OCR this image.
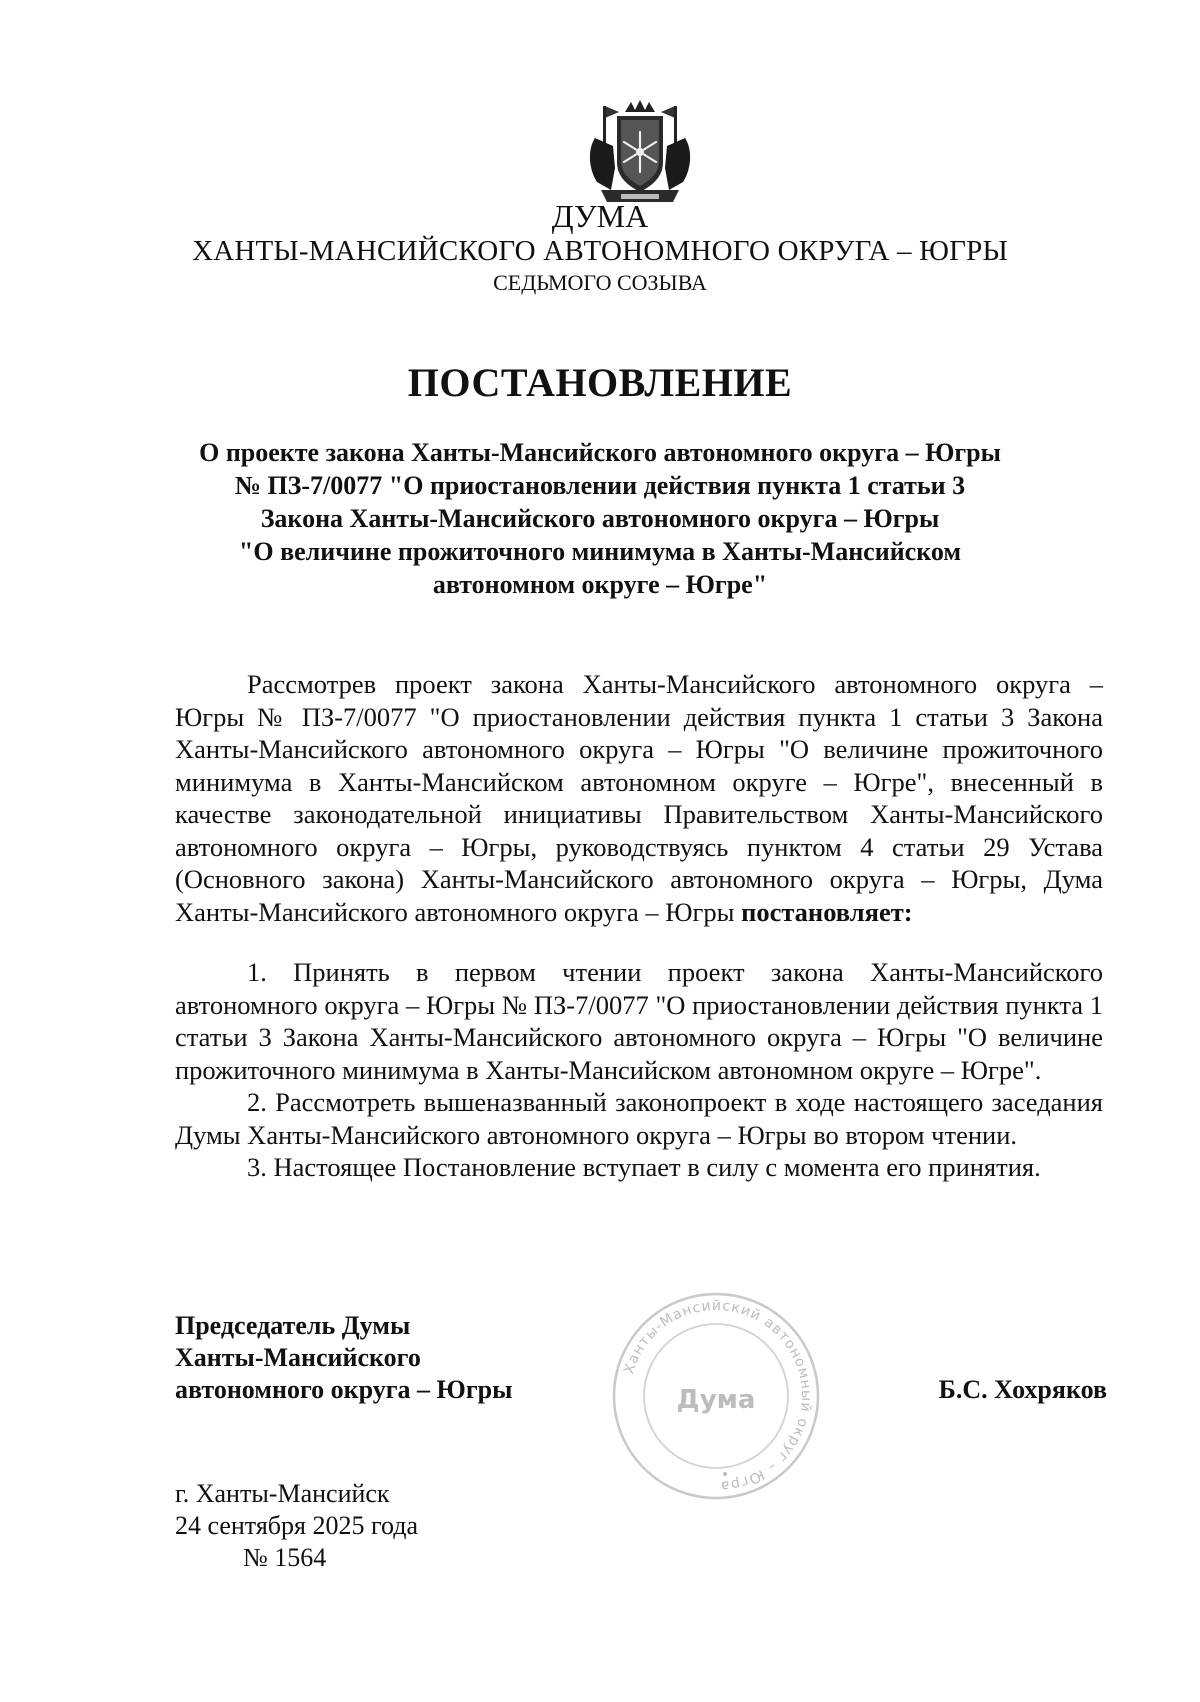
ДУМА
ХАНТЫ-МАНСИЙСКОГО АВТОНОМНОГО ОКРУГА – ЮГРЫ
СЕДЬМОГО СОЗЫВА
ПОСТАНОВЛЕНИЕ
О проекте закона Ханты-Мансийского автономного округа – Югры
№ ПЗ-7/0077 "О приостановлении действия пункта 1 статьи 3
Закона Ханты-Мансийского автономного округа – Югры
"О величине прожиточного минимума в Ханты-Мансийском
автономном округе – Югре"

Рассмотрев проект закона Ханты-Мансийского автономного округа – Югры № ПЗ-7/0077 "О приостановлении действия пункта 1 статьи 3 Закона Ханты-Мансийского автономного округа – Югры "О величине прожиточного минимума в Ханты-Мансийском автономном округе – Югре", внесенный в качестве законодательной инициативы Правительством Ханты-Мансийского автономного округа – Югры, руководствуясь пунктом 4 статьи 29 Устава (Основного закона) Ханты-Мансийского автономного округа – Югры, Дума Ханты-Мансийского автономного округа – Югры постановляет:

1. Принять в первом чтении проект закона Ханты-Мансийского автономного округа – Югры № ПЗ-7/0077 "О приостановлении действия пункта 1 статьи 3 Закона Ханты-Мансийского автономного округа – Югры "О величине прожиточного минимума в Ханты-Мансийском автономном округе – Югре".

2. Рассмотреть вышеназванный законопроект в ходе настоящего заседания Думы Ханты-Мансийского автономного округа – Югры во втором чтении.

3. Настоящее Постановление вступает в силу с момента его принятия.

Председатель Думы
Ханты-Мансийского
автономного округа – Югры
Ханты-Мансийский автономный округ – Югра
Дума	Б.С. Хохряков
г. Ханты-Мансийск
24 сентября 2025 года
№ 1564
